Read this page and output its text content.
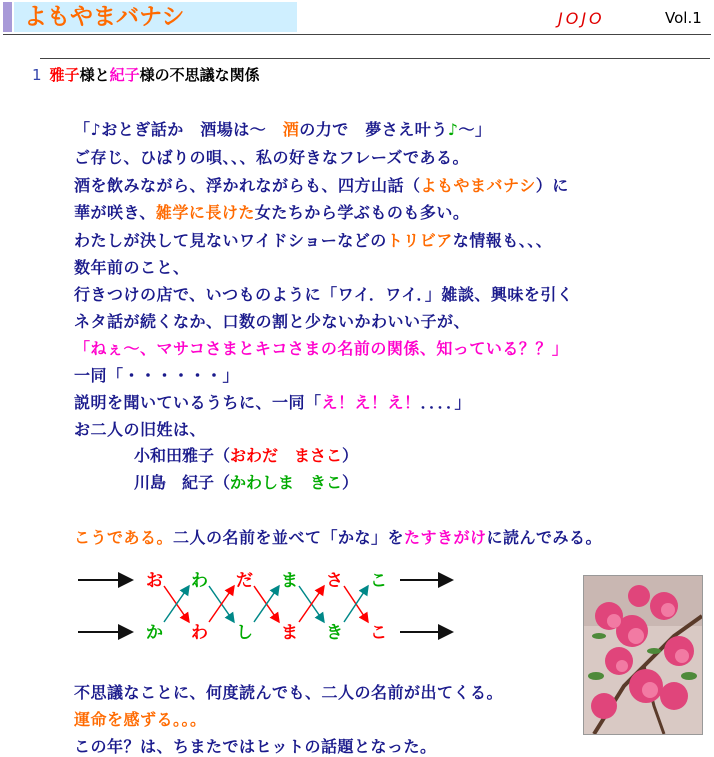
よもやまバナシ	JOJO	Vol.1
1 雅子様と紀子様の不思議な関係
「♪おとぎ話か　酒場は～　酒の力で　夢さえ叶う♪～」
ご存じ、ひばりの唄、、、私の好きなフレーズである。
酒を飲みながら、浮かれながらも、四方山話（よもやまバナシ）に
華が咲き、雑学に長けた女たちから学ぶものも多い。
わたしが決して見ないワイドショーなどのトリビアな情報も、、、
数年前のこと、
行きつけの店で、いつものように「ワイ．ワイ．」雑談、興味を引く
ネタ話が続くなか、口数の割と少ないかわいい子が、
「ねぇ～、マサコさまとキコさまの名前の関係、知っている？？」
一同「・・・・・・」
説明を聞いているうちに、一同「え！え！え！．．．．」
お二人の旧姓は、
小和田雅子（おわだ　まさこ）
川島　紀子（かわしま　きこ）
こうである。二人の名前を並べて「かな」をたすきがけに読んでみる。
不思議なことに、何度読んでも、二人の名前が出てくる。
運命を感ずる。。。
この年？は、ちまたではヒットの話題となった。
お わ だ ま さ こ
か わ し ま き こ
